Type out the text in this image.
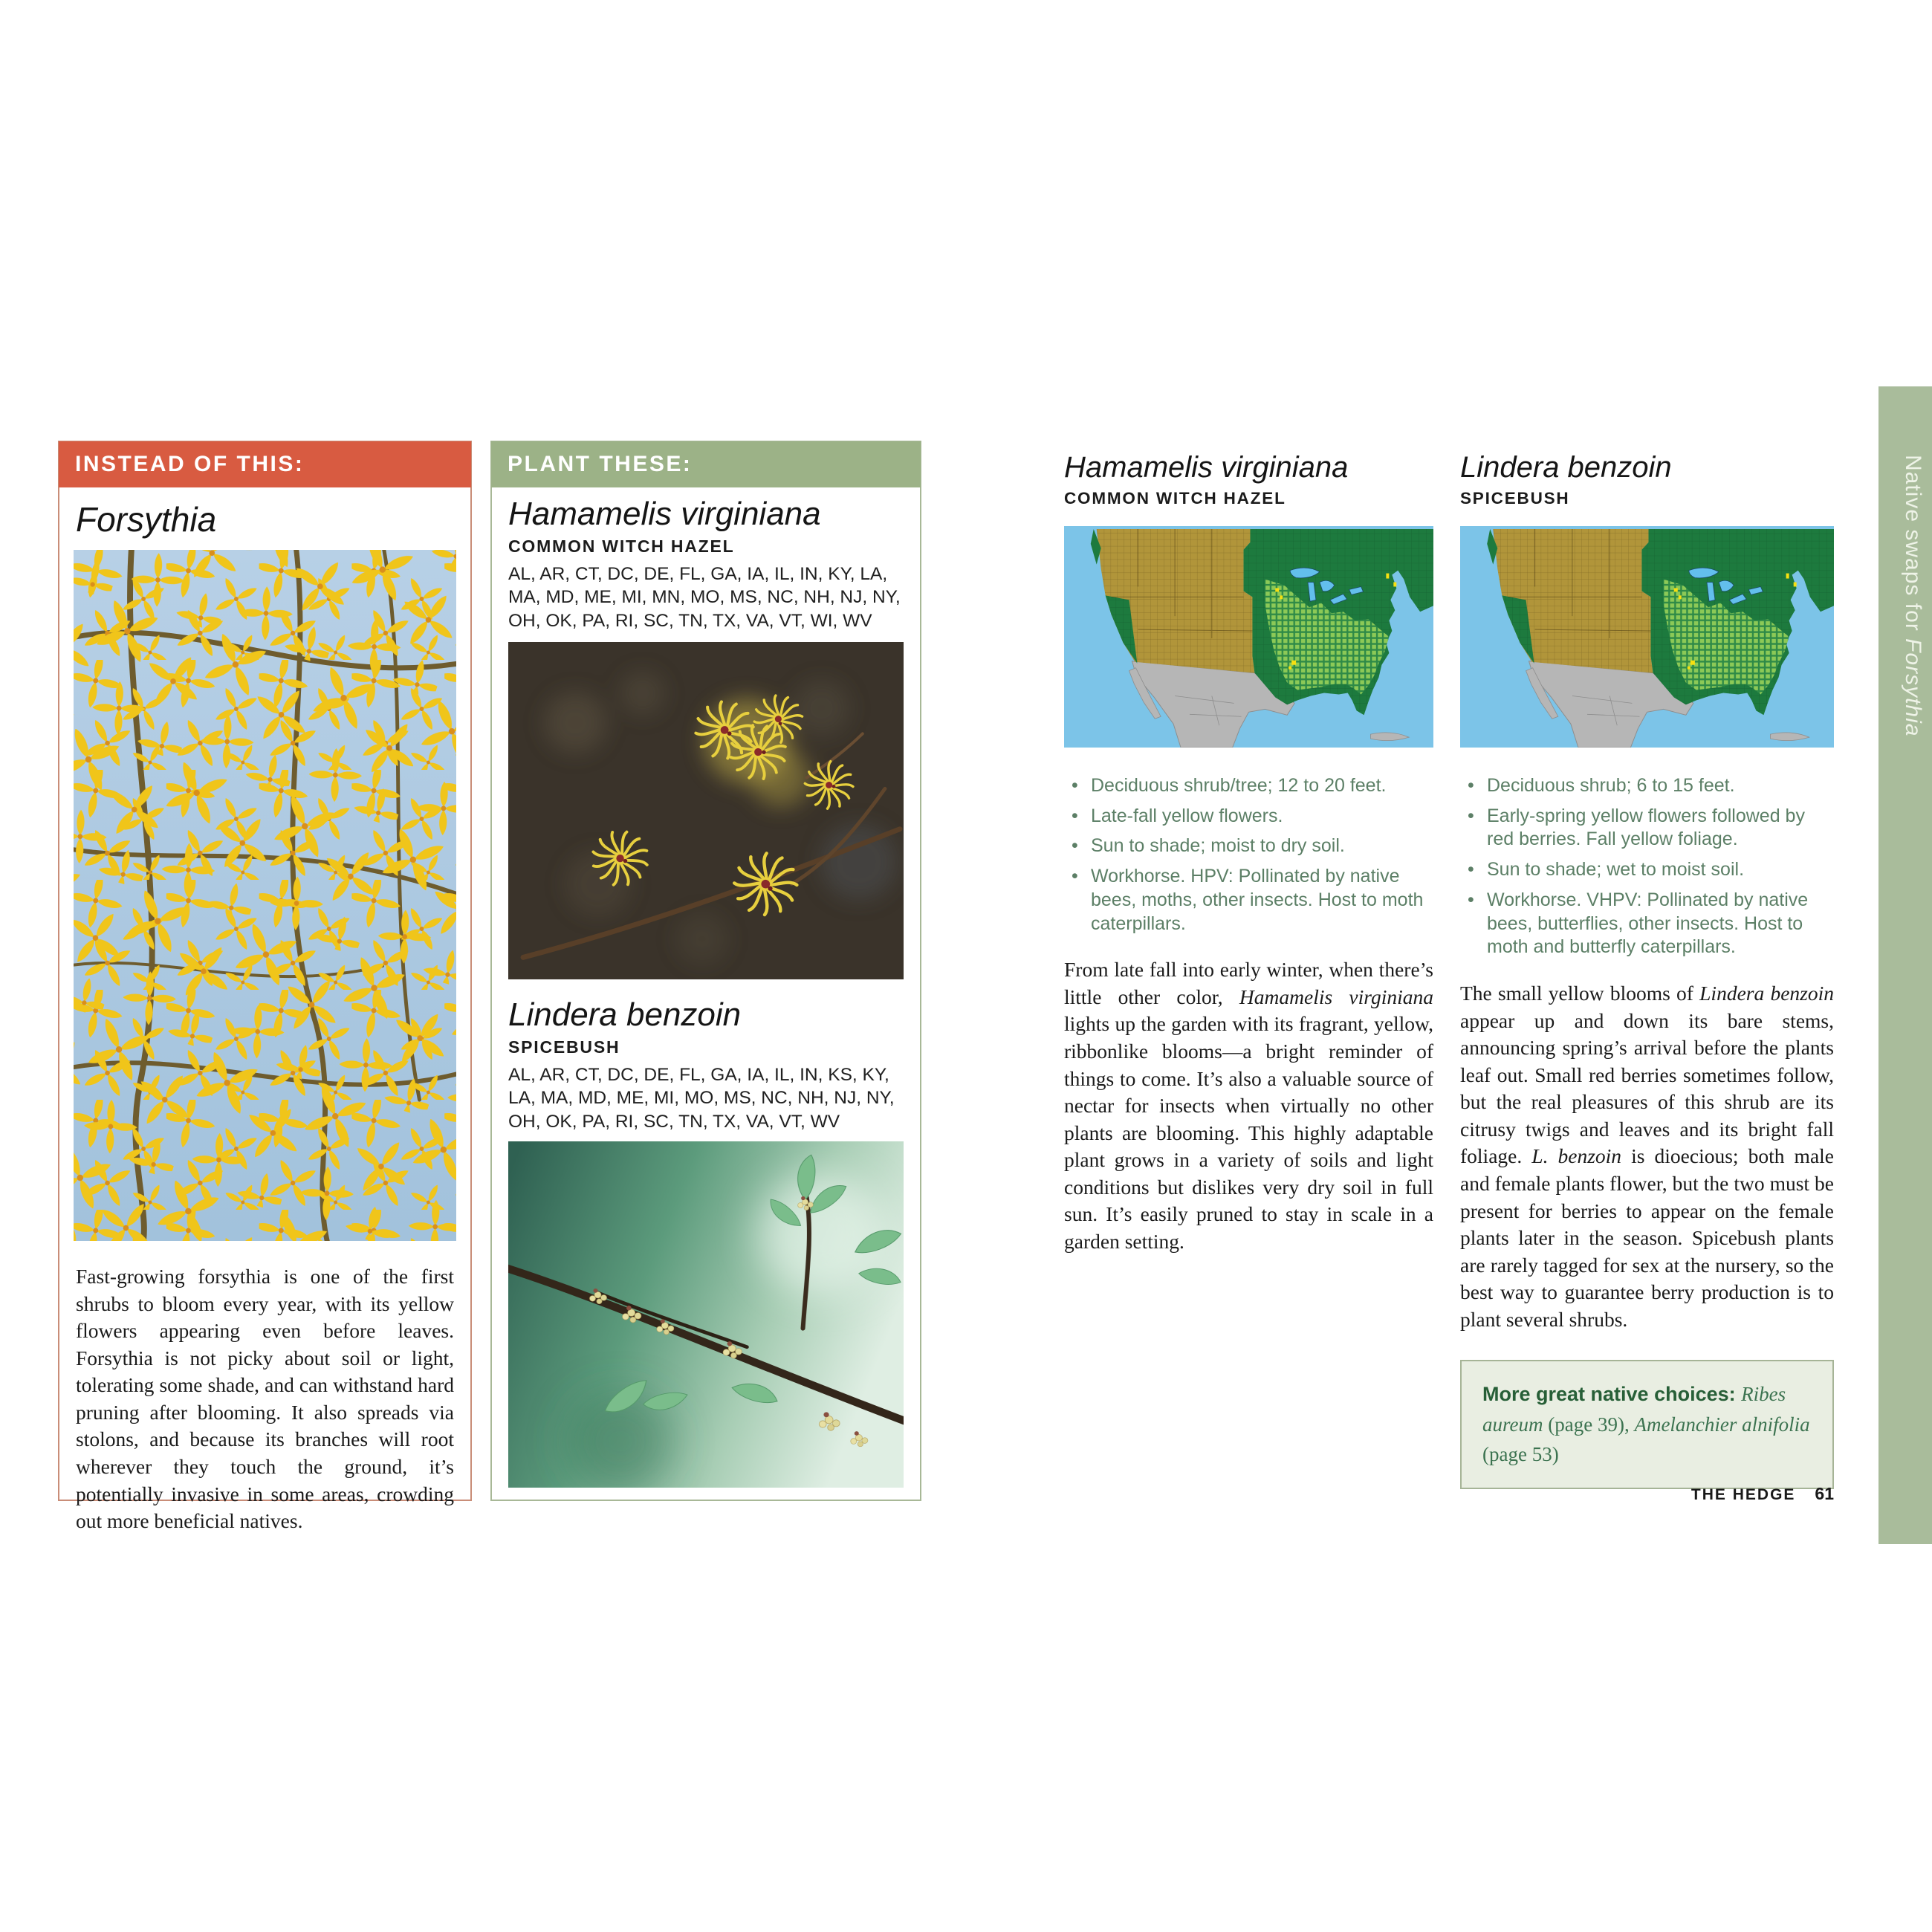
Native swaps for Forsythia
INSTEAD OF THIS:
Forsythia

Fast-growing forsythia is one of the first shrubs to bloom every year, with its yellow flowers appearing even before leaves. Forsythia is not picky about soil or light, tolerating some shade, and can withstand hard pruning after blooming. It also spreads via stolons, and because its branches will root wherever they touch the ground, it’s potentially invasive in some areas, crowding out more beneficial natives.

PLANT THESE:
Hamamelis virginiana
COMMON WITCH HAZEL
AL, AR, CT, DC, DE, FL, GA, IA, IL, IN, KY, LA, MA, MD, ME, MI, MN, MO, MS, NC, NH, NJ, NY, OH, OK, PA, RI, SC, TN, TX, VA, VT, WI, WV
Lindera benzoin
SPICEBUSH
AL, AR, CT, DC, DE, FL, GA, IA, IL, IN, KS, KY, LA, MA, MD, ME, MI, MO, MS, NC, NH, NJ, NY, OH, OK, PA, RI, SC, TN, TX, VA, VT, WV
Hamamelis virginiana
COMMON WITCH HAZEL
• Deciduous shrub/tree; 12 to 20 feet.
• Late-fall yellow flowers.
• Sun to shade; moist to dry soil.
• Workhorse. HPV: Pollinated by native bees, moths, other insects. Host to moth caterpillars.

From late fall into early winter, when there’s little other color, Hamamelis virginiana lights up the garden with its fragrant, yellow, ribbonlike blooms—a bright reminder of things to come. It’s also a valuable source of nectar for insects when virtually no other plants are blooming. This highly adaptable plant grows in a variety of soils and light conditions but dislikes very dry soil in full sun. It’s easily pruned to stay in scale in a garden setting.

Lindera benzoin
SPICEBUSH
• Deciduous shrub; 6 to 15 feet.
• Early-spring yellow flowers followed by red berries. Fall yellow foliage.
• Sun to shade; wet to moist soil.
• Workhorse. VHPV: Pollinated by native bees, butterflies, other insects. Host to moth and butterfly caterpillars.

The small yellow blooms of Lindera benzoin appear up and down its bare stems, announcing spring’s arrival before the plants leaf out. Small red berries sometimes follow, but the real pleasures of this shrub are its citrusy twigs and leaves and its bright fall foliage. L. benzoin is dioecious; both male and female plants flower, but the two must be present for berries to appear on the female plants later in the season. Spicebush plants are rarely tagged for sex at the nursery, so the best way to guarantee berry production is to plant several shrubs.

More great native choices: Ribes aureum (page 39), Amelanchier alnifolia (page 53)
THE HEDGE 61
